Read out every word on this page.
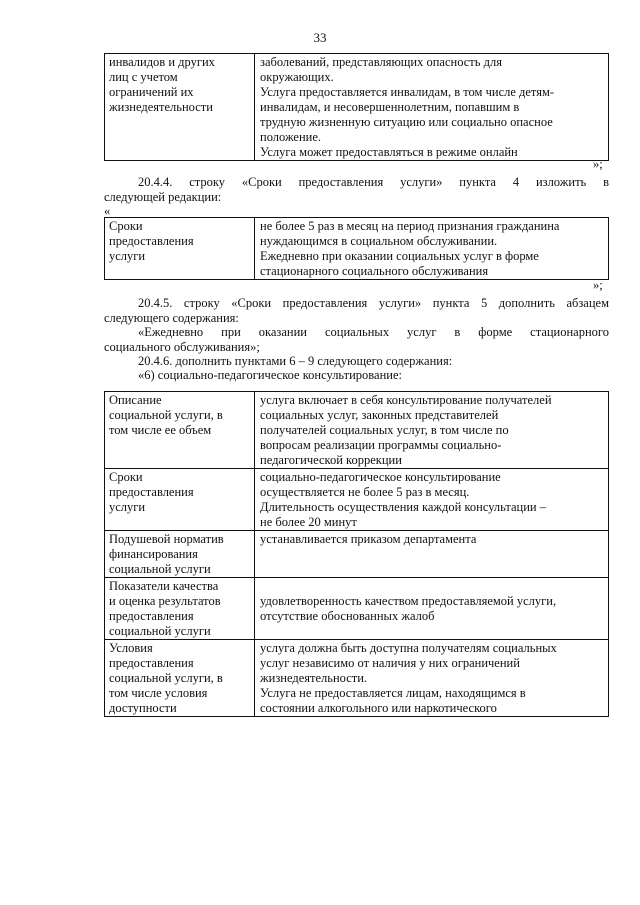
33
инвалидов и других
лиц с учетом
ограничений их
жизнедеятельности
заболеваний, представляющих опасность для
окружающих.
Услуга предоставляется инвалидам, в том числе детям-
инвалидам, и несовершеннолетним, попавшим в
трудную жизненную ситуацию или социально опасное
положение.
Услуга может предоставляться в режиме онлайн
»;
20.4.4. строку «Сроки предоставления услуги» пункта 4 изложить в
следующей редакции:
«
Сроки
предоставления
услуги
не более 5 раз в месяц на период признания гражданина
нуждающимся в социальном обслуживании.
Ежедневно при оказании социальных услуг в форме
стационарного социального обслуживания
»;
20.4.5. строку «Сроки предоставления услуги» пункта 5 дополнить абзацем
следующего содержания:
«Ежедневно при оказании социальных услуг в форме стационарного
социального обслуживания»;
20.4.6. дополнить пунктами 6 – 9 следующего содержания:
«6) социально-педагогическое консультирование:
Описание
социальной услуги, в
том числе ее объем
услуга включает в себя консультирование получателей
социальных услуг, законных представителей
получателей социальных услуг, в том числе по
вопросам реализации программы социально-
педагогической коррекции
Сроки
предоставления
услуги
социально-педагогическое консультирование
осуществляется не более 5 раз в месяц.
Длительность осуществления каждой консультации –
не более 20 минут
Подушевой норматив
финансирования
социальной услуги
устанавливается приказом департамента
Показатели качества
и оценка результатов
предоставления
социальной услуги

удовлетворенность качеством предоставляемой услуги,
отсутствие обоснованных жалоб
Условия
предоставления
социальной услуги, в
том числе условия
доступности
услуга должна быть доступна получателям социальных
услуг независимо от наличия у них ограничений
жизнедеятельности.
Услуга не предоставляется лицам, находящимся в
состоянии алкогольного или наркотического
